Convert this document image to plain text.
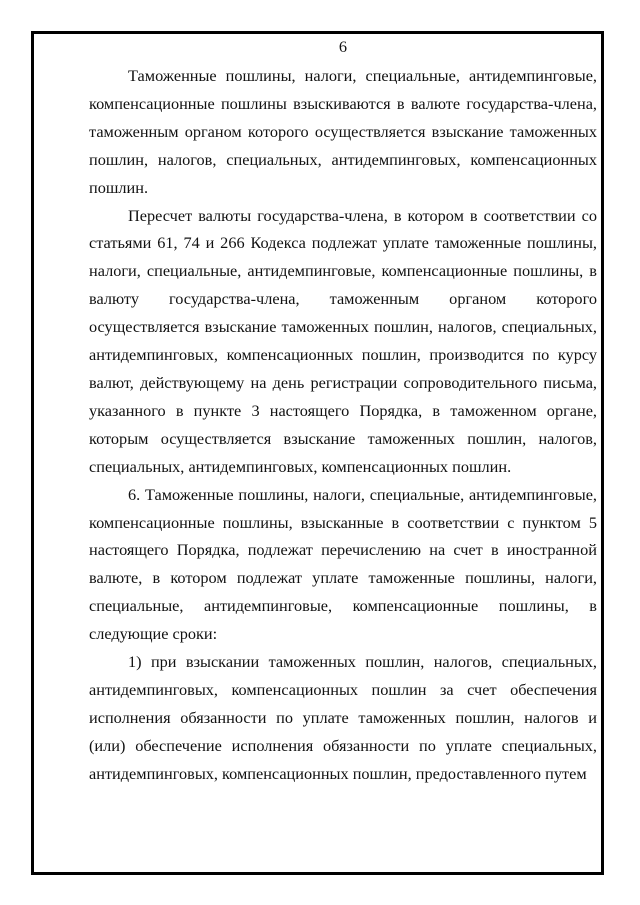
6

Таможенные пошлины, налоги, специальные, антидемпинговые, компенсационные пошлины взыскиваются в валюте государства-члена, таможенным органом которого осуществляется взыскание таможенных пошлин, налогов, специальных, антидемпинговых, компенсационных пошлин.

Пересчет валюты государства-члена, в котором в соответствии со статьями 61, 74 и 266 Кодекса подлежат уплате таможенные пошлины, налоги, специальные, антидемпинговые, компенсационные пошлины, в валюту государства-члена, таможенным органом которого осуществляется взыскание таможенных пошлин, налогов, специальных, антидемпинговых, компенсационных пошлин, производится по курсу валют, действующему на день регистрации сопроводительного письма, указанного в пункте 3 настоящего Порядка, в таможенном органе, которым осуществляется взыскание таможенных пошлин, налогов, специальных, антидемпинговых, компенсационных пошлин.

6. Таможенные пошлины, налоги, специальные, антидемпинговые, компенсационные пошлины, взысканные в соответствии с пунктом 5 настоящего Порядка, подлежат перечислению на счет в иностранной валюте, в котором подлежат уплате таможенные пошлины, налоги, специальные, антидемпинговые, компенсационные пошлины, в следующие сроки:

1) при взыскании таможенных пошлин, налогов, специальных, антидемпинговых, компенсационных пошлин за счет обеспечения исполнения обязанности по уплате таможенных пошлин, налогов и (или) обеспечение исполнения обязанности по уплате специальных, антидемпинговых, компенсационных пошлин, предоставленного путем
